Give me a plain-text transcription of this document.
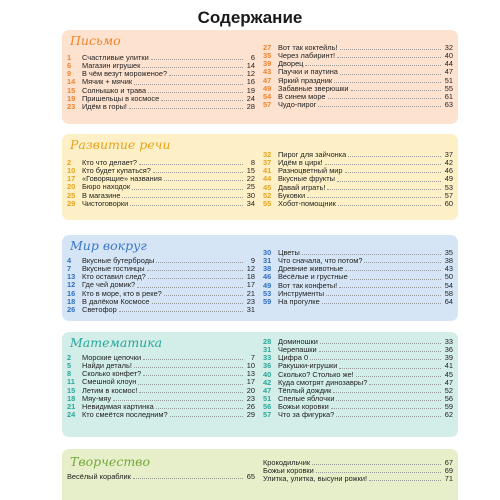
Содержание
Письмо
1	Счастливые улитки	6
6	Магазин игрушек	14
9	В чём везут мороженое?	12
14 Мячик + мячик	16
15 Солнышко и трава	19
19 Пришельцы в космосе	24
23 Идём в горы!	28
27 Вот так коктейль!	32
35 Через лабиринт!	40
39 Дворец	44
43 Паучки и паутина	47
47 Яркий праздник	51
49 Забавные зверюшки	55
54 В синем море	61
57 Чудо-пирог	63
Развитие речи
2	Кто что делает?	8
10 Кто будет купаться?	15
17 «Говорящие» названия	22
20 Бюро находок	25
25 В магазине	30
29 Чистоговорки	34
32 Пирог для зайчонка	37
37 Идём в цирк!	42
41 Разноцветный мир	46
44 Вкусные фрукты	49
45 Давай играть!	53
52 Буковки	57
55 Хобот-помощник	60
Мир вокруг
4	Вкусные бутерброды	9
7	Вкусные гостинцы	12
13 Кто оставил след?	18
12 Где чей домик?	17
16 Кто в море, кто в реке?	21
18 В далёком Космосе	23
26 Светофор	31
30 Цветы	35
31 Что сначала, что потом?	38
38 Древние животные	43
46 Весёлые и грустные	50
49 Вот так конфеты!	54
53 Инструменты	58
59 На прогулке	64
Математика
2	Морские цепочки	7
5	Найди деталь!	10
8	Сколько конфет?	13
11 Смешной клоун	17
15 Летим в космос!	20
18 Мяу-мяу	23
21 Невидимая картинка	26
24 Кто смеётся последним?	29
28 Доминошки	33
31 Черепашки	36
33 Цифра 0	39
36 Ракушки-игрушки	41
40 Сколько? Столько же!	45
42 Куда смотрят динозавры?	47
47 Тёплый дождик	52
51 Спелые яблочки	56
56 Божьи коровки	59
57 Что за фигурка?	62
Творчество
Весёлый кораблик	65
Крокодильчик	67
Божьи коровки	69
Улитка, улитка, высуни рожки!	71
